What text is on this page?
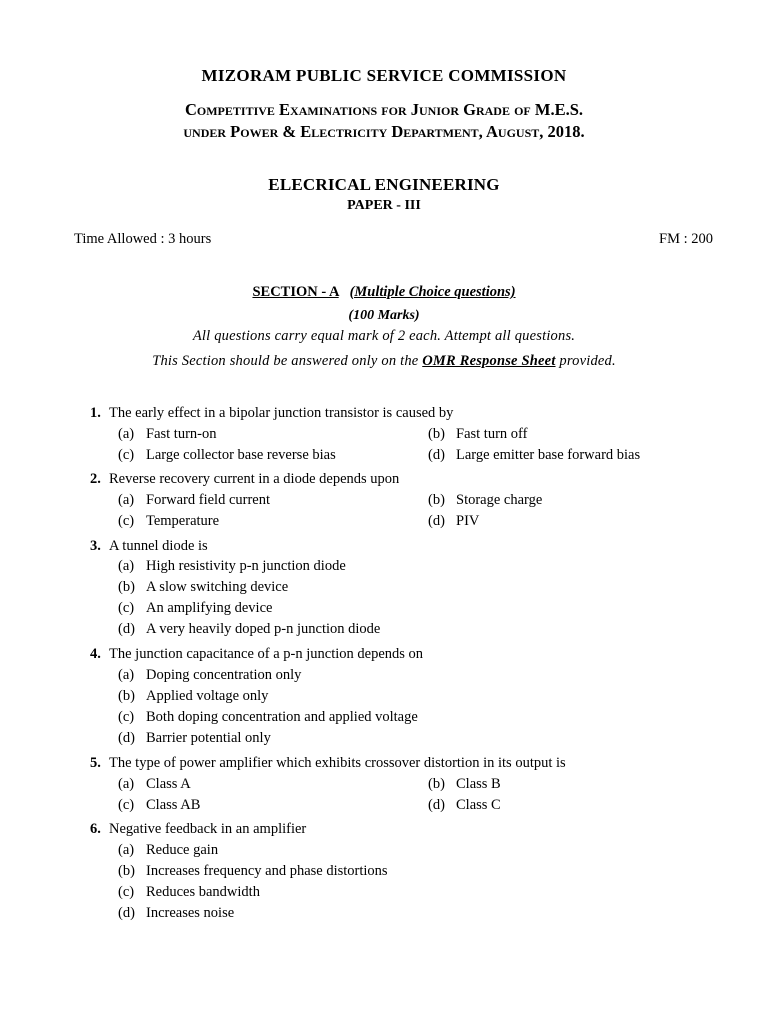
MIZORAM PUBLIC SERVICE COMMISSION
Competitive Examinations for Junior Grade of M.E.S.
under Power & Electricity Department, August, 2018.
ELECRICAL ENGINEERING
PAPER - III
Time Allowed : 3 hours	FM : 200
SECTION - A (Multiple Choice questions)
(100 Marks)
All questions carry equal mark of 2 each. Attempt all questions.
This Section should be answered only on the OMR Response Sheet provided.
1. The early effect in a bipolar junction transistor is caused by
(a) Fast turn-on	(b) Fast turn off
(c) Large collector base reverse bias	(d) Large emitter base forward bias
2. Reverse recovery current in a diode depends upon
(a) Forward field current	(b) Storage charge
(c) Temperature	(d) PIV
3. A tunnel diode is
(a) High resistivity p-n junction diode
(b) A slow switching device
(c) An amplifying device
(d) A very heavily doped p-n junction diode
4. The junction capacitance of a p-n junction depends on
(a) Doping concentration only
(b) Applied voltage only
(c) Both doping concentration and applied voltage
(d) Barrier potential only
5. The type of power amplifier which exhibits crossover distortion in its output is
(a) Class A	(b) Class B
(c) Class AB	(d) Class C
6. Negative feedback in an amplifier
(a) Reduce gain
(b) Increases frequency and phase distortions
(c) Reduces bandwidth
(d) Increases noise
